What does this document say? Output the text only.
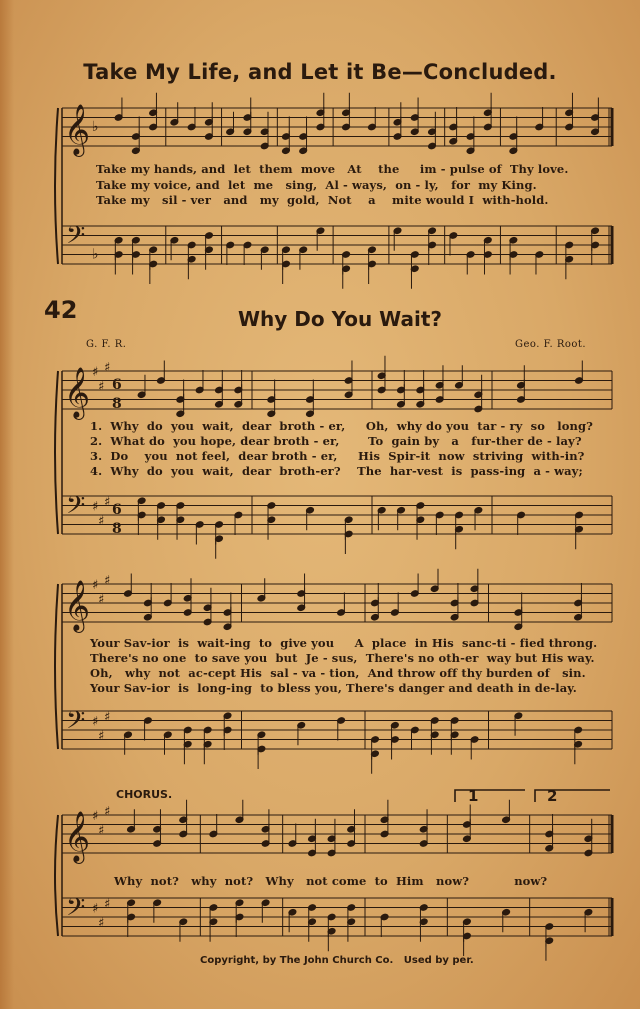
Take My Life, and Let it Be—Concluded.
𝄞
𝄢
♭
♭
Take my hands, and  let  them  move   At    the     im - pulse of  Thy love.
Take my voice, and  let  me   sing,  Al - ways,  on - ly,   for  my King.
Take my   sil - ver   and   my  gold,  Not    a    mite would I  with-hold.
42	Why Do You Wait?
G. F. R.	Geo. F. Root.
𝄞
𝄢
♯
♯
♯
♯
♯
♯
6
8
6
8
𝄞
𝄢
♯
♯
♯
♯
♯
♯
𝄞
𝄢
♯
♯
♯
♯
♯
♯
1.  Why  do  you  wait,  dear  broth - er,     Oh,  why do you  tar - ry  so   long?
2.  What do  you hope, dear broth - er,       To  gain by   a   fur-ther de - lay?
3.  Do    you  not feel,  dear broth - er,     His  Spir-it  now  striving  with-in?
4.  Why  do  you  wait,  dear  broth-er?    The  har-vest  is  pass-ing  a - way;
Your Sav-ior  is  wait-ing  to  give you     A  place  in His  sanc-ti - fied throng.
There's no one  to save you  but  Je - sus,  There's no oth-er  way but His way.
Oh,   why  not  ac-cept His  sal - va - tion,  And throw off thy burden of   sin.
Your Sav-ior  is  long-ing  to bless you, There's danger and death in de-lay.
CHORUS.	1	2
Why  not?   why  not?   Why   not come  to  Him   now?           now?
Copyright, by The John Church Co.   Used by per.
